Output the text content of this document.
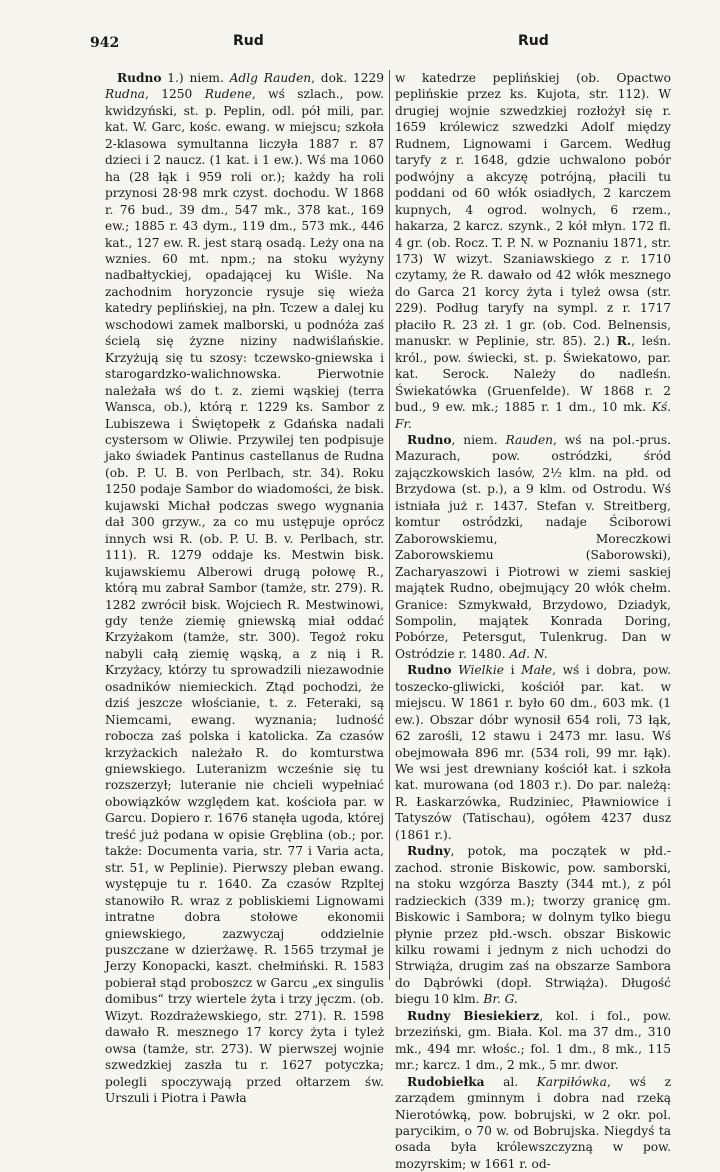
942	Rud	Rud

Rudno 1.) niem. Adlg Rauden, dok. 1229 Rudna, 1250 Rudene, wś szlach., pow. kwidzyński, st. p. Peplin, odl. pół mili, par. kat. W. Garc, kośc. ewang. w miejscu; szkoła 2-klasowa symultanna liczyła 1887 r. 87 dzieci i 2 naucz. (1 kat. i 1 ew.). Wś ma 1060 ha (28 łąk i 959 roli or.); każdy ha roli przynosi 28·98 mrk czyst. dochodu. W 1868 r. 76 bud., 39 dm., 547 mk., 378 kat., 169 ew.; 1885 r. 43 dym., 119 dm., 573 mk., 446 kat., 127 ew. R. jest starą osadą. Leży ona na wznies. 60 mt. npm.; na stoku wyżyny nadbałtyckiej, opadającej ku Wiśle. Na zachodnim horyzoncie rysuje się wieża katedry peplińskiej, na płn. Tczew a dalej ku wschodowi zamek malborski, u podnóża zaś ścielą się żyzne niziny nadwiślańskie. Krzyżują się tu szosy: tczewsko-gniewska i starogardzko-walichnowska. Pierwotnie należała wś do t. z. ziemi wąskiej (terra Wansca, ob.), którą r. 1229 ks. Sambor z Lubiszewa i Świętopełk z Gdańska nadali cystersom w Oliwie. Przywilej ten podpisuje jako świadek Pantinus castellanus de Rudna (ob. P. U. B. von Perlbach, str. 34). Roku 1250 podaje Sambor do wiadomości, że bisk. kujawski Michał podczas swego wygnania dał 300 grzyw., za co mu ustępuje oprócz innych wsi R. (ob. P. U. B. v. Perlbach, str. 111). R. 1279 oddaje ks. Mestwin bisk. kujawskiemu Alberowi drugą połowę R., którą mu zabrał Sambor (tamże, str. 279). R. 1282 zwrócił bisk. Wojciech R. Mestwinowi, gdy tenże ziemię gniewską miał oddać Krzyżakom (tamże, str. 300). Tegoż roku nabyli całą ziemię wąską, a z nią i R. Krzyżacy, którzy tu sprowadzili niezawodnie osadników niemieckich. Ztąd pochodzi, że dziś jeszcze włościanie, t. z. Feteraki, są Niemcami, ewang. wyznania; ludność robocza zaś polska i katolicka. Za czasów krzyżackich należało R. do komturstwa gniewskiego. Luteranizm wcześnie się tu rozszerzył; luteranie nie chcieli wypełniać obowiązków względem kat. kościoła par. w Garcu. Dopiero r. 1676 stanęła ugoda, której treść już podana w opisie Gręblina (ob.; por. także: Documenta varia, str. 77 i Varia acta, str. 51, w Peplinie). Pierwszy pleban ewang. występuje tu r. 1640. Za czasów Rzpltej stanowiło R. wraz z pobliskiemi Lignowami intratne dobra stołowe ekonomii gniewskiego, zazwyczaj oddzielnie puszczane w dzierżawę. R. 1565 trzymał je Jerzy Konopacki, kaszt. chełmiński. R. 1583 pobierał stąd proboszcz w Garcu „ex singulis domibus“ trzy wiertele żyta i trzy jęczm. (ob. Wizyt. Rozdrażewskiego, str. 271). R. 1598 dawało R. mesznego 17 korcy żyta i tyleż owsa (tamże, str. 273). W pierwszej wojnie szwedzkiej zaszła tu r. 1627 potyczka; polegli spoczywają przed ołtarzem św. Urszuli i Piotra i Pawła

w katedrze peplińskiej (ob. Opactwo peplińskie przez ks. Kujota, str. 112). W drugiej wojnie szwedzkiej rozłożył się r. 1659 królewicz szwedzki Adolf między Rudnem, Lignowami i Garcem. Według taryfy z r. 1648, gdzie uchwalono pobór podwójny a akcyzę potrójną, płacili tu poddani od 60 włók osiadłych, 2 karczem kupnych, 4 ogrod. wolnych, 6 rzem., hakarza, 2 karcz. szynk., 2 kół młyn. 172 fl. 4 gr. (ob. Rocz. T. P. N. w Poznaniu 1871, str. 173) W wizyt. Szaniawskiego z r. 1710 czytamy, że R. dawało od 42 włók mesznego do Garca 21 korcy żyta i tyleż owsa (str. 229). Podług taryfy na sympl. z r. 1717 płaciło R. 23 zł. 1 gr. (ob. Cod. Belnensis, manuskr. w Peplinie, str. 85). 2.) R., leśn. król., pow. świecki, st. p. Świekatowo, par. kat. Serock. Należy do nadleśn. Świekatówka (Gruenfelde). W 1868 r. 2 bud., 9 ew. mk.; 1885 r. 1 dm., 10 mk. Kś. Fr.

Rudno, niem. Rauden, wś na pol.-prus. Mazurach, pow. ostródzki, śród zajączkowskich lasów, 2½ klm. na płd. od Brzydowa (st. p.), a 9 klm. od Ostrodu. Wś istniała już r. 1437. Stefan v. Streitberg, komtur ostródzki, nadaje Ściborowi Zaborowskiemu, Moreczkowi Zaborowskiemu (Saborowski), Zacharyaszowi i Piotrowi w ziemi saskiej majątek Rudno, obejmujący 20 włók chełm. Granice: Szmykwałd, Brzydowo, Dziadyk, Sompolin, majątek Konrada Doring, Pobórze, Petersgut, Tulenkrug. Dan w Ostródzie r. 1480. Ad. N.

Rudno Wielkie i Małe, wś i dobra, pow. toszecko-gliwicki, kościół par. kat. w miejscu. W 1861 r. było 60 dm., 603 mk. (1 ew.). Obszar dóbr wynosił 654 roli, 73 łąk, 62 zarośli, 12 stawu i 2473 mr. lasu. Wś obejmowała 896 mr. (534 roli, 99 mr. łąk). We wsi jest drewniany kościół kat. i szkoła kat. murowana (od 1803 r.). Do par. należą: R. Łaskarzówka, Rudziniec, Pławniowice i Tatyszów (Tatischau), ogółem 4237 dusz (1861 r.).

Rudny, potok, ma początek w płd.-zachod. stronie Biskowic, pow. samborski, na stoku wzgórza Baszty (344 mt.), z pól radzieckich (339 m.); tworzy granicę gm. Biskowic i Sambora; w dolnym tylko biegu płynie przez płd.-wsch. obszar Biskowic kilku rowami i jednym z nich uchodzi do Strwiąża, drugim zaś na obszarze Sambora do Dąbrówki (dopł. Strwiąża). Długość biegu 10 klm. Br. G.

Rudny Biesiekierz, kol. i fol., pow. brzeziński, gm. Biała. Kol. ma 37 dm., 310 mk., 494 mr. włośc.; fol. 1 dm., 8 mk., 115 mr.; karcz. 1 dm., 2 mk., 5 mr. dwor.

Rudobiełka al. Karpiłówka, wś z zarządem gminnym i dobra nad rzeką Nierotówką, pow. bobrujski, w 2 okr. pol. parycikim, o 70 w. od Bobrujska. Niegdyś ta osada była królewszczyzną w pow. mozyrskim; w 1661 r. od-
